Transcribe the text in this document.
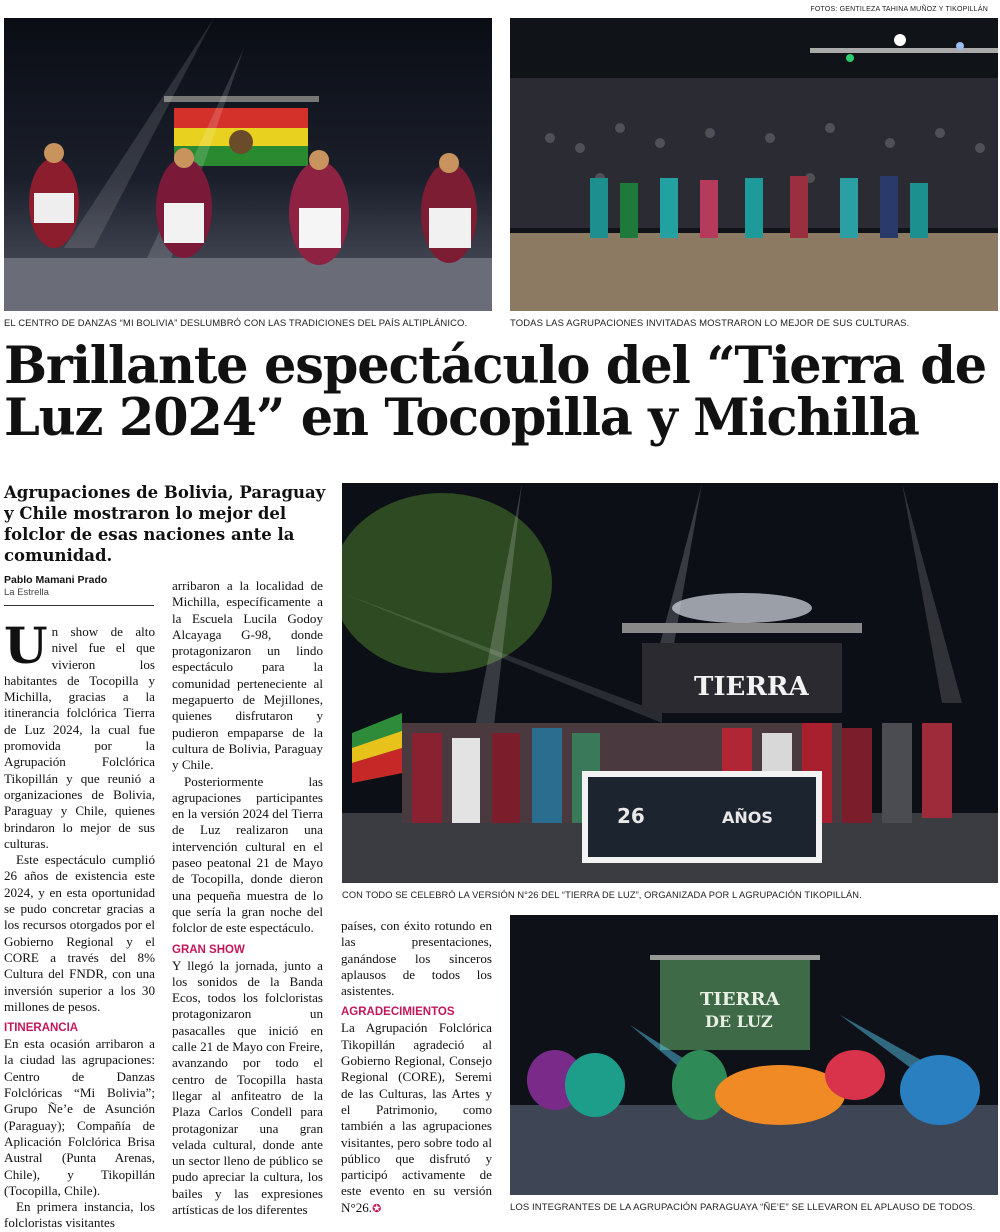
FOTOS: GENTILEZA TAHINA MUÑOZ Y TIKOPILLÁN
EL CENTRO DE DANZAS “MI BOLIVIA” DESLUMBRÓ CON LAS TRADICIONES DEL PAÍS ALTIPLÁNICO.	TODAS LAS AGRUPACIONES INVITADAS MOSTRARON LO MEJOR DE SUS CULTURAS.
Brillante espectáculo del “Tierra de
Luz 2024” en Tocopilla y Michilla
Agrupaciones de Bolivia, Paraguay y Chile mostraron lo mejor del folclor de esas naciones ante la comunidad.
Pablo Mamani Prado
La Estrella

Un show de alto nivel fue el que vivieron los habitantes de Tocopilla y Michilla, gracias a la itinerancia folclórica Tierra de Luz 2024, la cual fue promovida por la Agrupación Folclórica Tikopillán y que reunió a organizaciones de Bolivia, Paraguay y Chile, quienes brindaron lo mejor de sus culturas.

Este espectáculo cumplió 26 años de existencia este 2024, y en esta oportunidad se pudo concretar gracias a los recursos otorgados por el Gobierno Regional y el CORE a través del 8% Cultura del FNDR, con una inversión superior a los 30 millones de pesos.

ITINERANCIA

En esta ocasión arribaron a la ciudad las agrupaciones: Centro de Danzas Folclóricas “Mi Bolivia”; Grupo Ñe’e de Asunción (Paraguay); Compañía de Aplicación Folclórica Brisa Austral (Punta Arenas, Chile), y Tikopillán (Tocopilla, Chile).

En primera instancia, los folcloristas visitantes

arribaron a la localidad de Michilla, específicamente a la Escuela Lucila Godoy Alcayaga G-98, donde protagonizaron un lindo espectáculo para la comunidad perteneciente al megapuerto de Mejillones, quienes disfrutaron y pudieron empaparse de la cultura de Bolivia, Paraguay y Chile.

Posteriormente las agrupaciones participantes en la versión 2024 del Tierra de Luz realizaron una intervención cultural en el paseo peatonal 21 de Mayo de Tocopilla, donde dieron una pequeña muestra de lo que sería la gran noche del folclor de este espectáculo.

GRAN SHOW

Y llegó la jornada, junto a los sonidos de la Banda Ecos, todos los folcloristas protagonizaron un pasacalles que inició en calle 21 de Mayo con Freire, avanzando por todo el centro de Tocopilla hasta llegar al anfiteatro de la Plaza Carlos Condell para protagonizar una gran velada cultural, donde ante un sector lleno de público se pudo apreciar la cultura, los bailes y las expresiones artísticas de los diferentes

TIERRA
26	AÑOS
CON TODO SE CELEBRÓ LA VERSIÓN N°26 DEL “TIERRA DE LUZ”, ORGANIZADA POR L AGRUPACIÓN TIKOPILLÁN.

países, con éxito rotundo en las presentaciones, ganándose los sinceros aplausos de todos los asistentes.

AGRADECIMIENTOS

La Agrupación Folclórica Tikopillán agradeció al Gobierno Regional, Consejo Regional (CORE), Seremi de las Culturas, las Artes y el Patrimonio, como también a las agrupaciones visitantes, pero sobre todo al público que disfrutó y participó activamente de este evento en su versión N°26.✪

TIERRA
DE LUZ
LOS INTEGRANTES DE LA AGRUPACIÓN PARAGUAYA “ÑE’E” SE LLEVARON EL APLAUSO DE TODOS.
